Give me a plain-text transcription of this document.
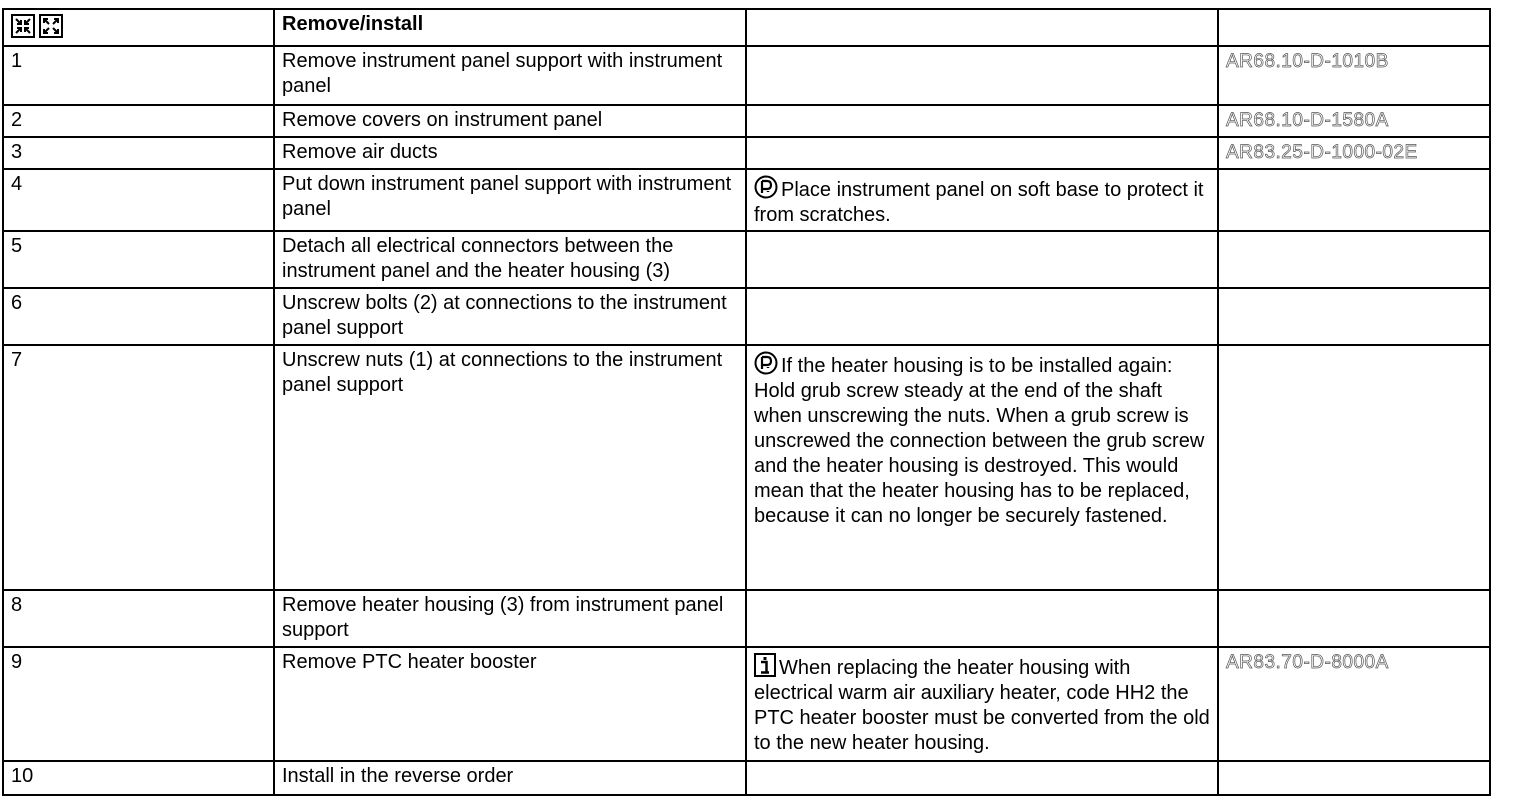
	Remove/install		
1	Remove instrument panel support with instrument panel		AR68.10-D-1010B
2	Remove covers on instrument panel		AR68.10-D-1580A
3	Remove air ducts		AR83.25-D-1000-02E
4	Put down instrument panel support with instrument panel	Place instrument panel on soft base to protect it from scratches.	
5	Detach all electrical connectors between the instrument panel and the heater housing (3)		
6	Unscrew bolts (2) at connections to the instrument panel support		
7	Unscrew nuts (1) at connections to the instrument panel support	If the heater housing is to be installed again: Hold grub screw steady at the end of the shaft when unscrewing the nuts. When a grub screw is unscrewed the connection between the grub screw and the heater housing is destroyed. This would mean that the heater housing has to be replaced, because it can no longer be securely fastened.	
8	Remove heater housing (3) from instrument panel support		
9	Remove PTC heater booster	When replacing the heater housing with electrical warm air auxiliary heater, code HH2 the PTC heater booster must be converted from the old to the new heater housing.	AR83.70-D-8000A
10	Install in the reverse order		
